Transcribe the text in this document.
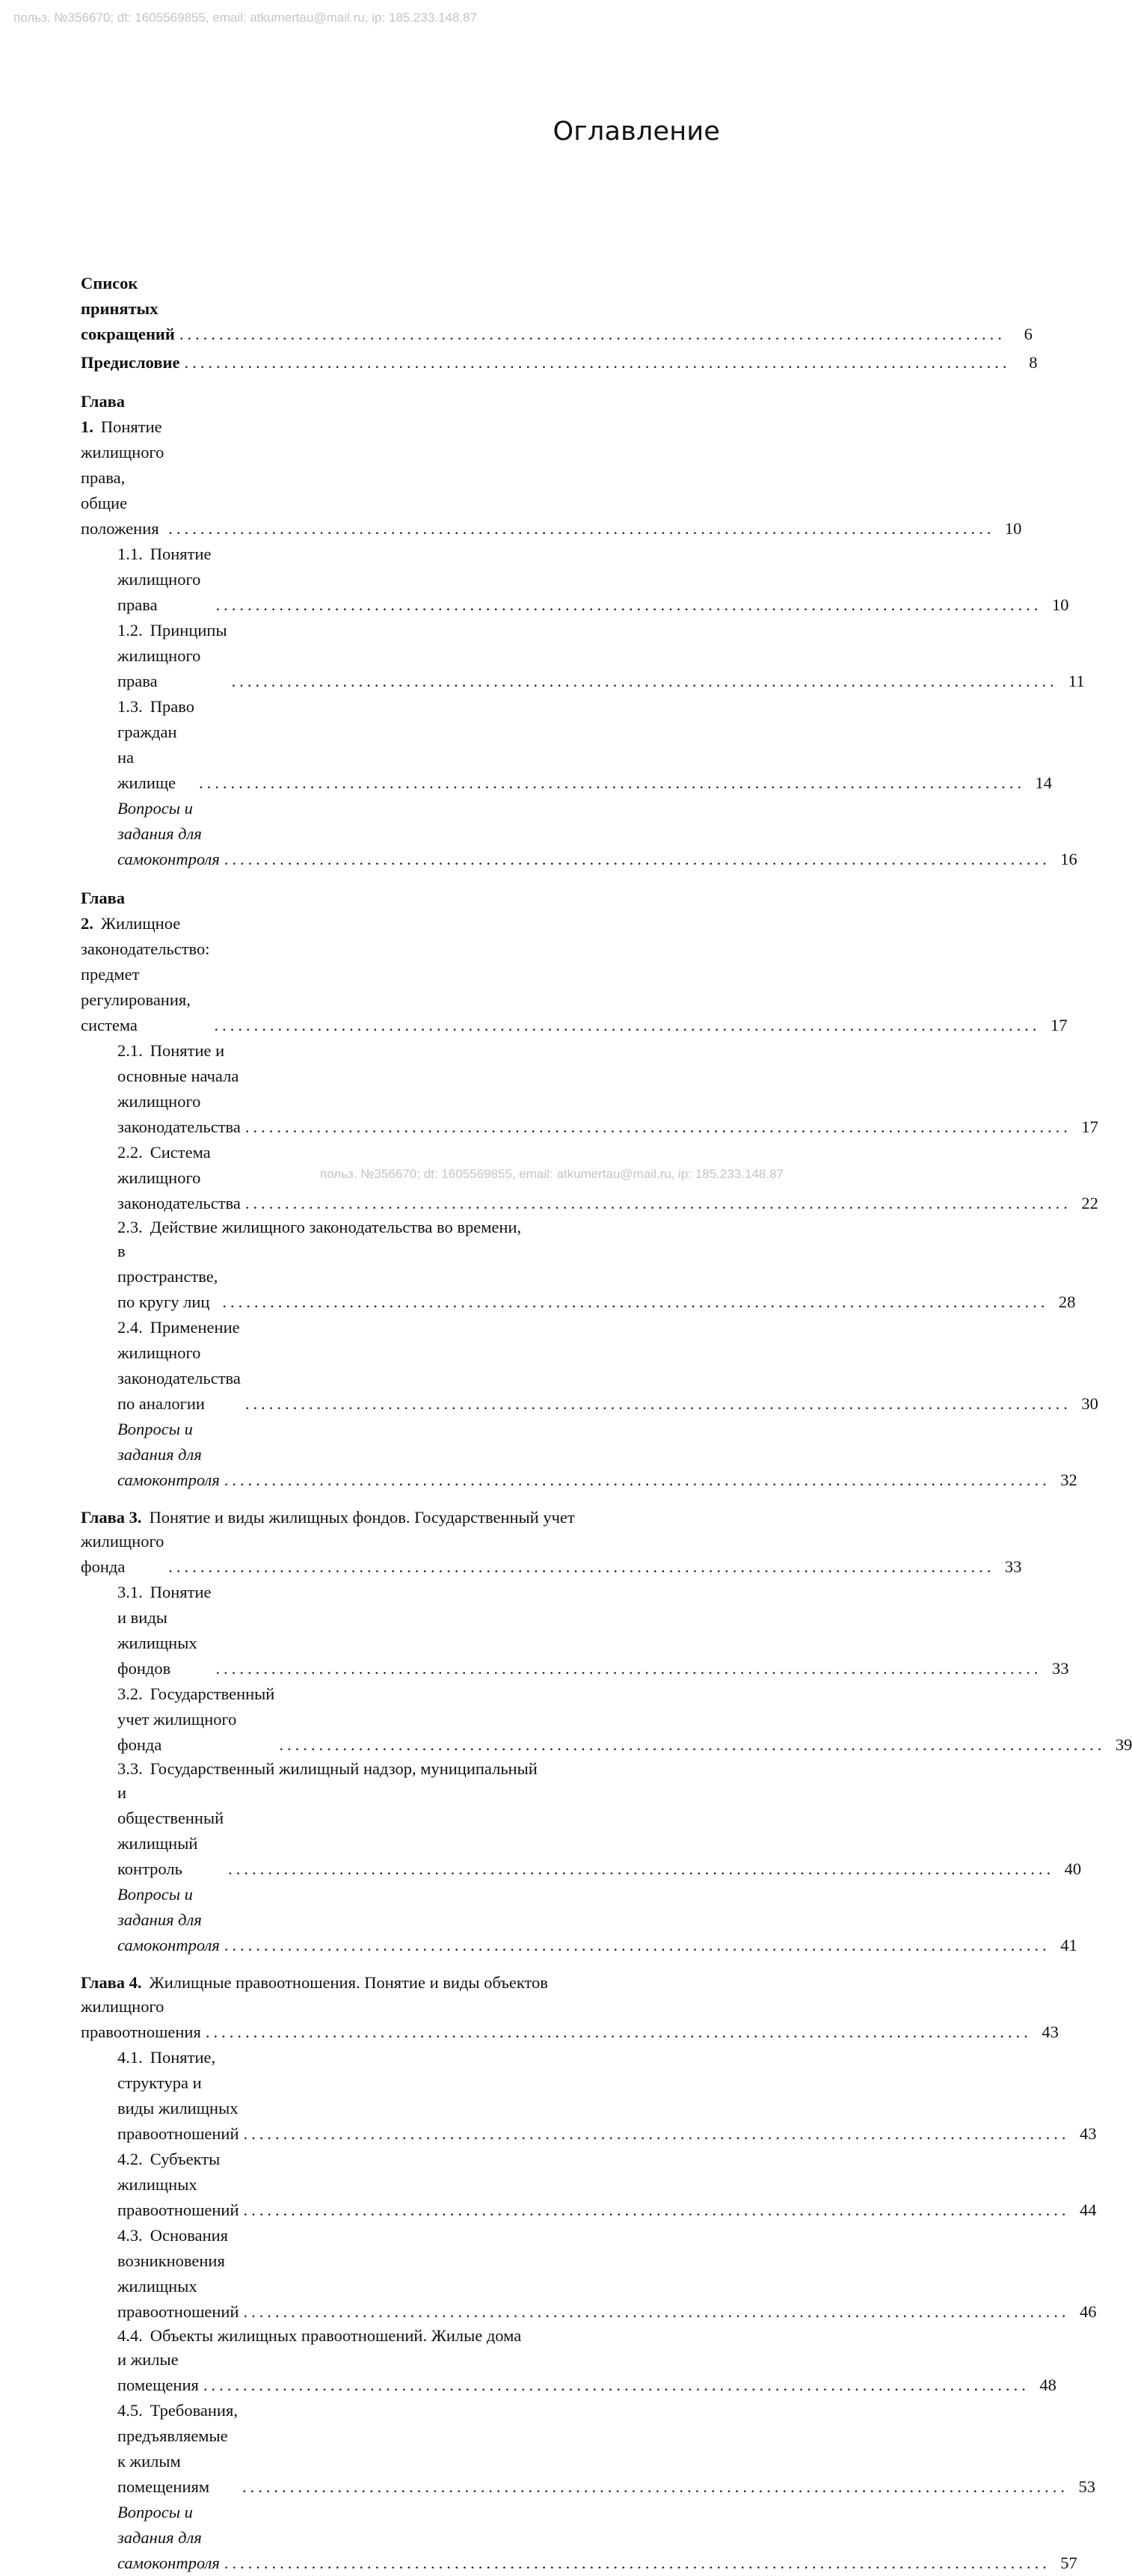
польз. №356670; dt: 1605569855, email: atkumertau@mail.ru, ip: 185.233.148.87
Оглавление
Список принятых сокращений ........................................................................................................	6
Предисловие ........................................................................................................	8
Глава 1. Понятие жилищного права, общие положения ........................................................................................................ 10
1.1. Понятие жилищного права	........................................................................................................ 10
1.2. Принципы жилищного права	........................................................................................................ 11
1.3. Право граждан на жилище	........................................................................................................ 14
Вопросы и задания для самоконтроля ........................................................................................................ 16
Глава 2. Жилищное законодательство: предмет регулирования, система	........................................................................................................ 17
2.1. Понятие и основные начала жилищного законодательства ........................................................................................................ 17
2.2. Система жилищного законодательства ........................................................................................................ 22
2.3. Действие жилищного законодательства во времени,
в пространстве, по кругу лиц ........................................................................................................ 28
2.4. Применение жилищного законодательства по аналогии	........................................................................................................ 30
Вопросы и задания для самоконтроля ........................................................................................................ 32
Глава 3. Понятие и виды жилищных фондов. Государственный учет
жилищного фонда	........................................................................................................ 33
3.1. Понятие и виды жилищных фондов	........................................................................................................ 33
3.2. Государственный учет жилищного фонда	........................................................................................................ 39
3.3. Государственный жилищный надзор, муниципальный
и общественный жилищный контроль	........................................................................................................ 40
Вопросы и задания для самоконтроля ........................................................................................................ 41
Глава 4. Жилищные правоотношения. Понятие и виды объектов
жилищного правоотношения ........................................................................................................ 43
4.1. Понятие, структура и виды жилищных правоотношений ........................................................................................................ 43
4.2. Субъекты жилищных правоотношений ........................................................................................................ 44
4.3. Основания возникновения жилищных правоотношений ........................................................................................................ 46
4.4. Объекты жилищных правоотношений. Жилые дома
и жилые помещения ........................................................................................................ 48
4.5. Требования, предъявляемые к жилым помещениям	........................................................................................................ 53
Вопросы и задания для самоконтроля ........................................................................................................ 57
польз. №356670; dt: 1605569855, email: atkumertau@mail.ru, ip: 185.233.148.87
